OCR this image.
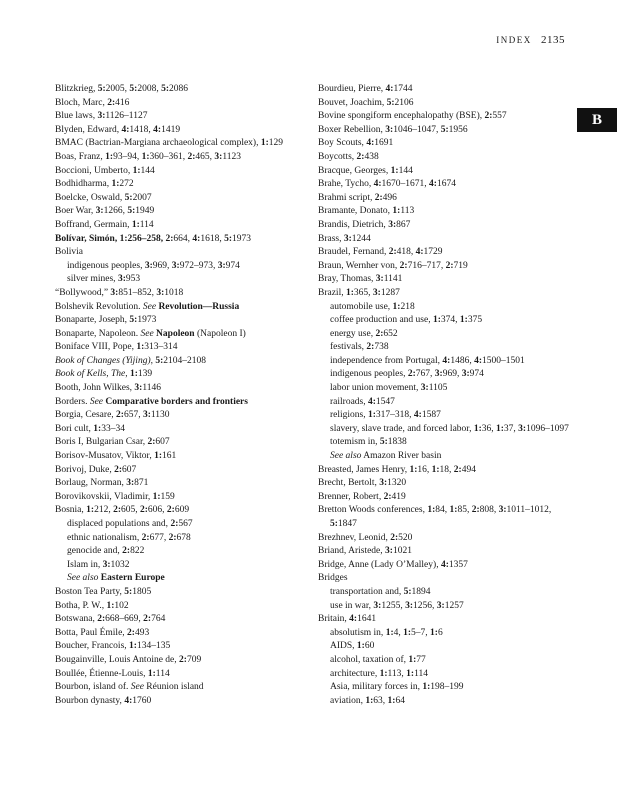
INDEX 2135
B
Blitzkrieg, 5:2005, 5:2008, 5:2086
Bloch, Marc, 2:416
Blue laws, 3:1126–1127
Blyden, Edward, 4:1418, 4:1419
BMAC (Bactrian-Margiana archaeological complex), 1:129
Boas, Franz, 1:93–94, 1:360–361, 2:465, 3:1123
Boccioni, Umberto, 1:144
Bodhidharma, 1:272
Boelcke, Oswald, 5:2007
Boer War, 3:1266, 5:1949
Boffrand, Germain, 1:114
Bolívar, Simón, 1:256–258, 2:664, 4:1618, 5:1973
Bolivia
indigenous peoples, 3:969, 3:972–973, 3:974
silver mines, 3:953
“Bollywood,” 3:851–852, 3:1018
Bolshevik Revolution. See Revolution—Russia
Bonaparte, Joseph, 5:1973
Bonaparte, Napoleon. See Napoleon (Napoleon I)
Boniface VIII, Pope, 1:313–314
Book of Changes (Yijing), 5:2104–2108
Book of Kells, The, 1:139
Booth, John Wilkes, 3:1146
Borders. See Comparative borders and frontiers
Borgia, Cesare, 2:657, 3:1130
Bori cult, 1:33–34
Boris I, Bulgarian Csar, 2:607
Borisov-Musatov, Viktor, 1:161
Borivoj, Duke, 2:607
Borlaug, Norman, 3:871
Borovikovskii, Vladimir, 1:159
Bosnia, 1:212, 2:605, 2:606, 2:609
displaced populations and, 2:567
ethnic nationalism, 2:677, 2:678
genocide and, 2:822
Islam in, 3:1032
See also Eastern Europe
Boston Tea Party, 5:1805
Botha, P. W., 1:102
Botswana, 2:668–669, 2:764
Botta, Paul Émile, 2:493
Boucher, Francois, 1:134–135
Bougainville, Louis Antoine de, 2:709
Boullée, Étienne-Louis, 1:114
Bourbon, island of. See Réunion island
Bourbon dynasty, 4:1760
Bourdieu, Pierre, 4:1744
Bouvet, Joachim, 5:2106
Bovine spongiform encephalopathy (BSE), 2:557
Boxer Rebellion, 3:1046–1047, 5:1956
Boy Scouts, 4:1691
Boycotts, 2:438
Bracque, Georges, 1:144
Brahe, Tycho, 4:1670–1671, 4:1674
Brahmi script, 2:496
Bramante, Donato, 1:113
Brandis, Dietrich, 3:867
Brass, 3:1244
Braudel, Fernand, 2:418, 4:1729
Braun, Wernher von, 2:716–717, 2:719
Bray, Thomas, 3:1141
Brazil, 1:365, 3:1287
automobile use, 1:218
coffee production and use, 1:374, 1:375
energy use, 2:652
festivals, 2:738
independence from Portugal, 4:1486, 4:1500–1501
indigenous peoples, 2:767, 3:969, 3:974
labor union movement, 3:1105
railroads, 4:1547
religions, 1:317–318, 4:1587
slavery, slave trade, and forced labor, 1:36, 1:37, 3:1096–1097
totemism in, 5:1838
See also Amazon River basin
Breasted, James Henry, 1:16, 1:18, 2:494
Brecht, Bertolt, 3:1320
Brenner, Robert, 2:419
Bretton Woods conferences, 1:84, 1:85, 2:808, 3:1011–1012, 5:1847
Brezhnev, Leonid, 2:520
Briand, Aristede, 3:1021
Bridge, Anne (Lady O’Malley), 4:1357
Bridges
transportation and, 5:1894
use in war, 3:1255, 3:1256, 3:1257
Britain, 4:1641
absolutism in, 1:4, 1:5–7, 1:6
AIDS, 1:60
alcohol, taxation of, 1:77
architecture, 1:113, 1:114
Asia, military forces in, 1:198–199
aviation, 1:63, 1:64
